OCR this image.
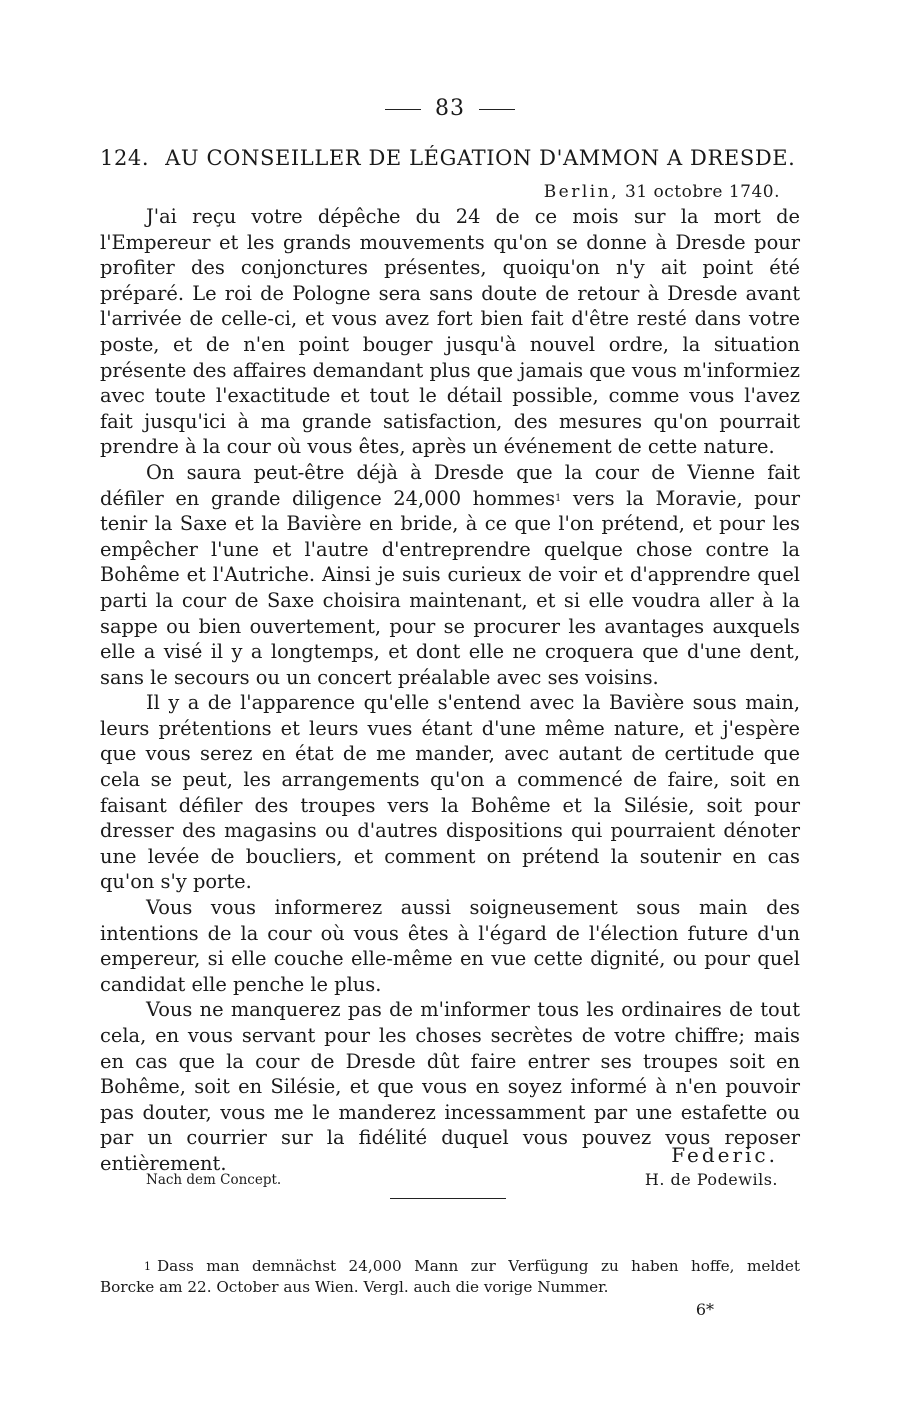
83
124. AU CONSEILLER DE LÉGATION D'AMMON A DRESDE.
Berlin, 31 octobre 1740.

J'ai reçu votre dépêche du 24 de ce mois sur la mort de l'Empereur et les grands mouvements qu'on se donne à Dresde pour profiter des conjonctures présentes, quoiqu'on n'y ait point été préparé. Le roi de Pologne sera sans doute de retour à Dresde avant l'arrivée de celle-ci, et vous avez fort bien fait d'être resté dans votre poste, et de n'en point bouger jusqu'à nouvel ordre, la situation présente des affaires demandant plus que jamais que vous m'informiez avec toute l'exactitude et tout le détail possible, comme vous l'avez fait jusqu'ici à ma grande satisfaction, des mesures qu'on pourrait prendre à la cour où vous êtes, après un événement de cette nature.

On saura peut-être déjà à Dresde que la cour de Vienne fait défiler en grande diligence 24,000 hommes$^1$ vers la Moravie, pour tenir la Saxe et la Bavière en bride, à ce que l'on prétend, et pour les empêcher l'une et l'autre d'entreprendre quelque chose contre la Bohême et l'Autriche. Ainsi je suis curieux de voir et d'apprendre quel parti la cour de Saxe choisira maintenant, et si elle voudra aller à la sappe ou bien ouvertement, pour se procurer les avantages auxquels elle a visé il y a longtemps, et dont elle ne croquera que d'une dent, sans le secours ou un concert préalable avec ses voisins.

Il y a de l'apparence qu'elle s'entend avec la Bavière sous main, leurs prétentions et leurs vues étant d'une même nature, et j'espère que vous serez en état de me mander, avec autant de certitude que cela se peut, les arrangements qu'on a commencé de faire, soit en faisant défiler des troupes vers la Bohême et la Silésie, soit pour dresser des magasins ou d'autres dispositions qui pourraient dénoter une levée de boucliers, et comment on prétend la soutenir en cas qu'on s'y porte.

Vous vous informerez aussi soigneusement sous main des intentions de la cour où vous êtes à l'égard de l'élection future d'un empereur, si elle couche elle-même en vue cette dignité, ou pour quel candidat elle penche le plus.

Vous ne manquerez pas de m'informer tous les ordinaires de tout cela, en vous servant pour les choses secrètes de votre chiffre; mais en cas que la cour de Dresde dût faire entrer ses troupes soit en Bohême, soit en Silésie, et que vous en soyez informé à n'en pouvoir pas douter, vous me le manderez incessamment par une estafette ou par un courrier sur la fidélité duquel vous pouvez vous reposer entièrement.	Federic.
Nach dem Concept.	H. de Podewils.
$^1$ Dass man demnächst 24,000 Mann zur Verfügung zu haben hoffe, meldet
Borcke am 22. October aus Wien. Vergl. auch die vorige Nummer.
6*
